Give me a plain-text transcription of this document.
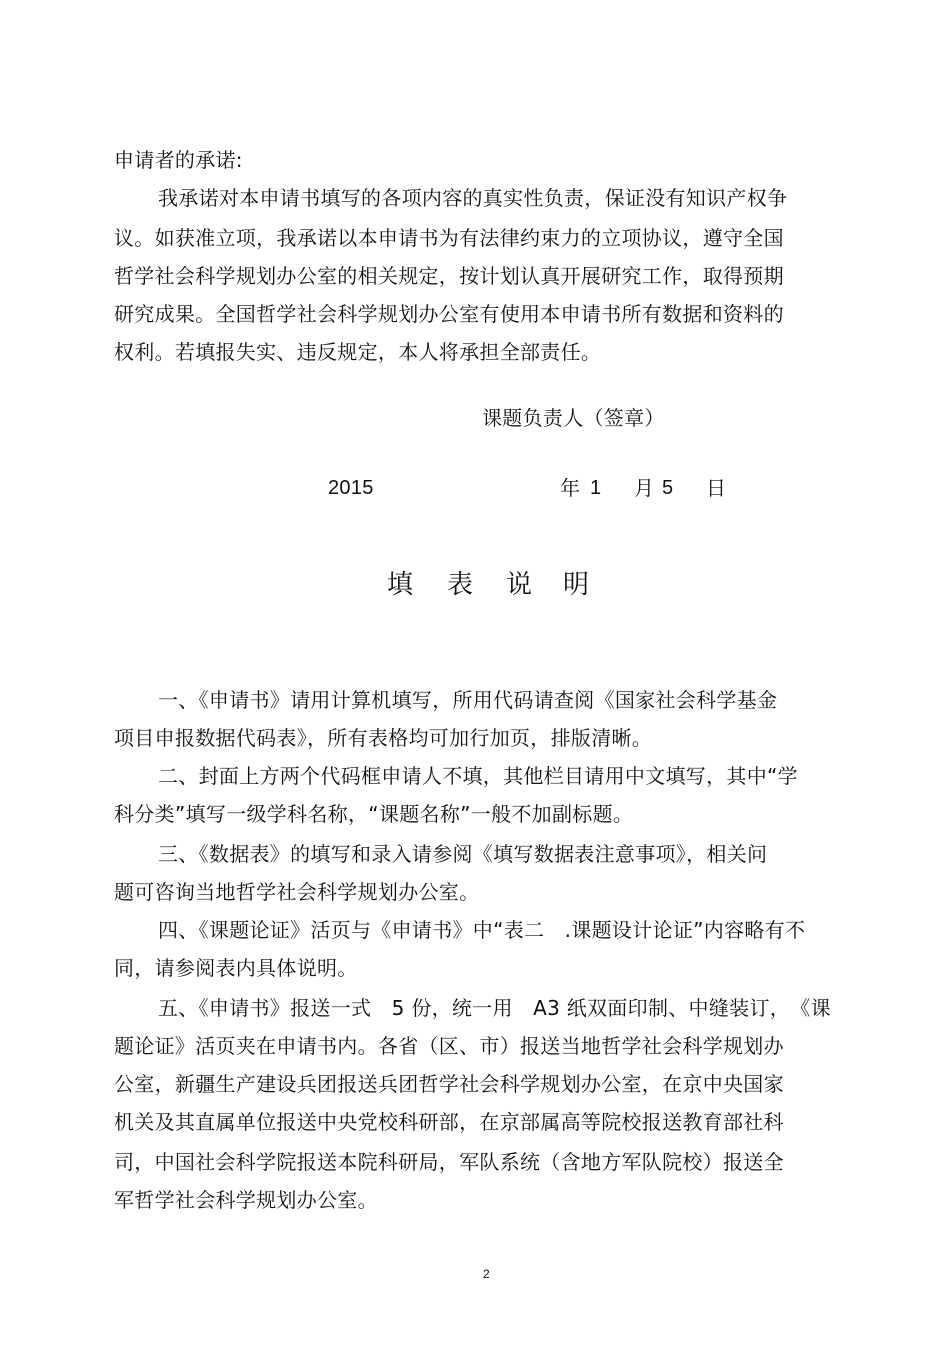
申请者的承诺:
我承诺对本申请书填写的各项内容的真实性负责，保证没有知识产权争
议。如获准立项，我承诺以本申请书为有法律约束力的立项协议，遵守全国
哲学社会科学规划办公室的相关规定，按计划认真开展研究工作，取得预期
研究成果。全国哲学社会科学规划办公室有使用本申请书所有数据和资料的
权利。若填报失实、违反规定，本人将承担全部责任。
课题负责人（签章）
2015	年 1 月 5 日
填 表 说 明
一、《申请书》请用计算机填写，所用代码请查阅《国家社会科学基金
项目申报数据代码表》，所有表格均可加行加页，排版清晰。
二、封面上方两个代码框申请人不填，其他栏目请用中文填写，其中“学
科分类”填写一级学科名称，“课题名称”一般不加副标题。
三、《数据表》的填写和录入请参阅《填写数据表注意事项》，相关问
题可咨询当地哲学社会科学规划办公室。
四、《课题论证》活页与《申请书》中“表二　.课题设计论证”内容略有不
同，请参阅表内具体说明。
五、《申请书》报送一式　5 份，统一用　A3 纸双面印制、中缝装订，　《课
题论证》活页夹在申请书内。各省（区、市）报送当地哲学社会科学规划办
公室，新疆生产建设兵团报送兵团哲学社会科学规划办公室，在京中央国家
机关及其直属单位报送中央党校科研部，在京部属高等院校报送教育部社科
司，中国社会科学院报送本院科研局，军队系统（含地方军队院校）报送全
军哲学社会科学规划办公室。
2
